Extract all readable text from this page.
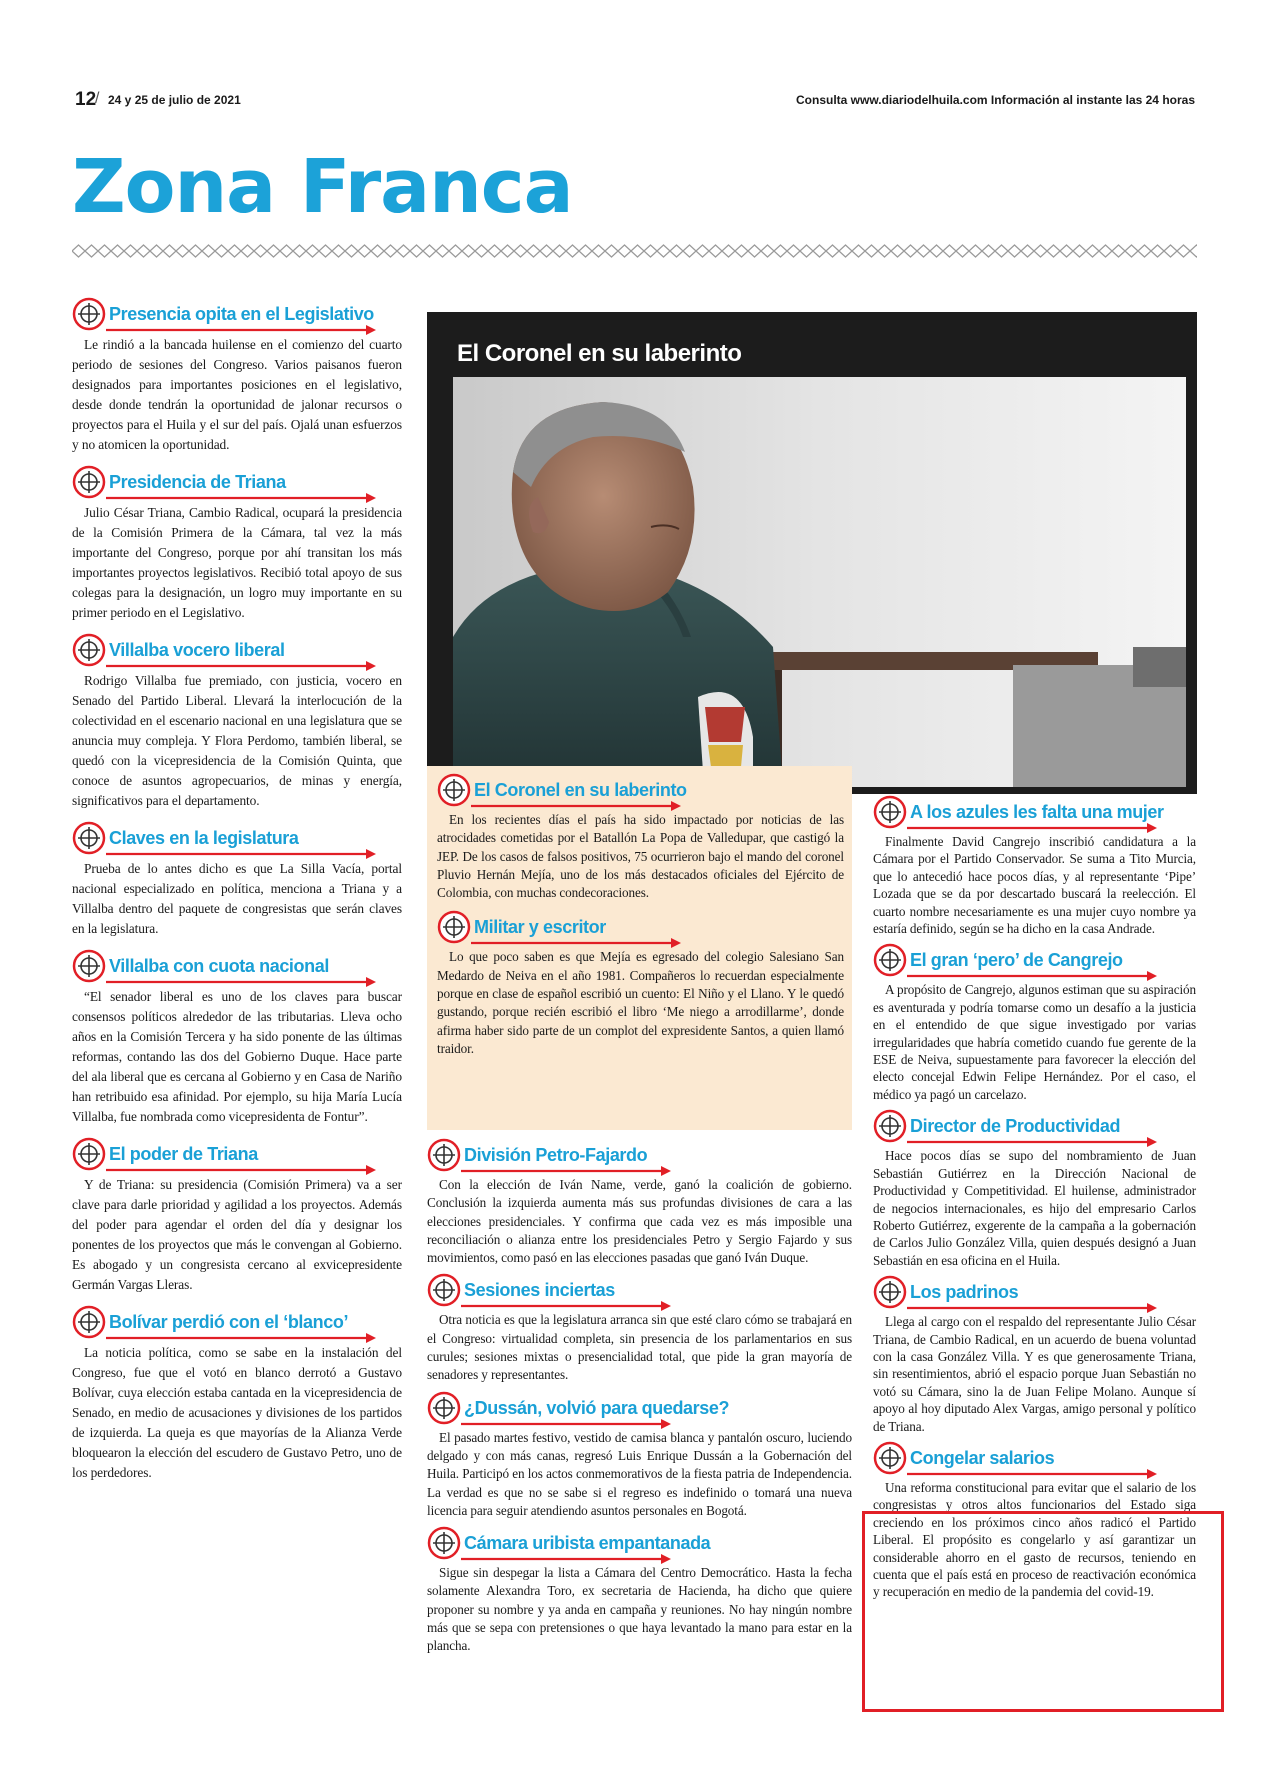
12
/ 24 y 25 de julio de 2021	Consulta www.diariodelhuila.com Información al instante las 24 horas
Zona Franca
Presencia opita en el Legislativo

Le rindió a la bancada huilense en el comienzo del cuarto periodo de sesiones del Congreso. Varios paisanos fueron designados para importantes posiciones en el legislativo, desde donde tendrán la oportunidad de jalonar recursos o proyectos para el Huila y el sur del país. Ojalá unan esfuerzos y no atomicen la oportunidad.

Presidencia de Triana

Julio César Triana, Cambio Radical, ocupará la presidencia de la Comisión Primera de la Cámara, tal vez la más importante del Congreso, porque por ahí transitan los más importantes proyectos legislativos. Recibió total apoyo de sus colegas para la designación, un logro muy importante en su primer periodo en el Legislativo.

Villalba vocero liberal

Rodrigo Villalba fue premiado, con justicia, vocero en Senado del Partido Liberal. Llevará la interlocución de la colectividad en el escenario nacional en una legislatura que se anuncia muy compleja. Y Flora Perdomo, también liberal, se quedó con la vicepresidencia de la Comisión Quinta, que conoce de asuntos agropecuarios, de minas y energía, significativos para el departamento.

Claves en la legislatura

Prueba de lo antes dicho es que La Silla Vacía, portal nacional especializado en política, menciona a Triana y a Villalba dentro del paquete de congresistas que serán claves en la legislatura.

Villalba con cuota nacional

“El senador liberal es uno de los claves para buscar consensos políticos alrededor de las tributarias. Lleva ocho años en la Comisión Tercera y ha sido ponente de las últimas reformas, contando las dos del Gobierno Duque. Hace parte del ala liberal que es cercana al Gobierno y en Casa de Nariño han retribuido esa afinidad. Por ejemplo, su hija María Lucía Villalba, fue nombrada como vicepresidenta de Fontur”.

El poder de Triana

Y de Triana: su presidencia (Comisión Primera) va a ser clave para darle prioridad y agilidad a los proyectos. Además del poder para agendar el orden del día y designar los ponentes de los proyectos que más le convengan al Gobierno. Es abogado y un congresista cercano al exvicepresidente Germán Vargas Lleras.

Bolívar perdió con el ‘blanco’

La noticia política, como se sabe en la instalación del Congreso, fue que el votó en blanco derrotó a Gustavo Bolívar, cuya elección estaba cantada en la vicepresidencia de Senado, en medio de acusaciones y divisiones de los partidos de izquierda. La queja es que mayorías de la Alianza Verde bloquearon la elección del escudero de Gustavo Petro, uno de los perdedores.

El Coronel en su laberinto
El Coronel en su laberinto

En los recientes días el país ha sido impactado por noticias de las atrocidades cometidas por el Batallón La Popa de Valledupar, que castigó la JEP. De los casos de falsos positivos, 75 ocurrieron bajo el mando del coronel Pluvio Hernán Mejía, uno de los más destacados oficiales del Ejército de Colombia, con muchas condecoraciones.

Militar y escritor

Lo que poco saben es que Mejía es egresado del colegio Salesiano San Medardo de Neiva en el año 1981. Compañeros lo recuerdan especialmente porque en clase de español escribió un cuento: El Niño y el Llano. Y le quedó gustando, porque recién escribió el libro ‘Me niego a arrodillarme’, donde afirma haber sido parte de un complot del expresidente Santos, a quien llamó traidor.

División Petro-Fajardo

Con la elección de Iván Name, verde, ganó la coalición de gobierno. Conclusión la izquierda aumenta más sus profundas divisiones de cara a las elecciones presidenciales. Y confirma que cada vez es más imposible una reconciliación o alianza entre los presidenciales Petro y Sergio Fajardo y sus movimientos, como pasó en las elecciones pasadas que ganó Iván Duque.

Sesiones inciertas

Otra noticia es que la legislatura arranca sin que esté claro cómo se trabajará en el Congreso: virtualidad completa, sin presencia de los parlamentarios en sus curules; sesiones mixtas o presencialidad total, que pide la gran mayoría de senadores y representantes.

¿Dussán, volvió para quedarse?

El pasado martes festivo, vestido de camisa blanca y pantalón oscuro, luciendo delgado y con más canas, regresó Luis Enrique Dussán a la Gobernación del Huila. Participó en los actos conmemorativos de la fiesta patria de Independencia. La verdad es que no se sabe si el regreso es indefinido o tomará una nueva licencia para seguir atendiendo asuntos personales en Bogotá.

Cámara uribista empantanada

Sigue sin despegar la lista a Cámara del Centro Democrático. Hasta la fecha solamente Alexandra Toro, ex secretaria de Hacienda, ha dicho que quiere proponer su nombre y ya anda en campaña y reuniones. No hay ningún nombre más que se sepa con pretensiones o que haya levantado la mano para estar en la plancha.

A los azules les falta una mujer

Finalmente David Cangrejo inscribió candidatura a la Cámara por el Partido Conservador. Se suma a Tito Murcia, que lo antecedió hace pocos días, y al representante ‘Pipe’ Lozada que se da por descartado buscará la reelección. El cuarto nombre necesariamente es una mujer cuyo nombre ya estaría definido, según se ha dicho en la casa Andrade.

El gran ‘pero’ de Cangrejo

A propósito de Cangrejo, algunos estiman que su aspiración es aventurada y podría tomarse como un desafío a la justicia en el entendido de que sigue investigado por varias irregularidades que habría cometido cuando fue gerente de la ESE de Neiva, supuestamente para favorecer la elección del electo concejal Edwin Felipe Hernández. Por el caso, el médico ya pagó un carcelazo.

Director de Productividad

Hace pocos días se supo del nombramiento de Juan Sebastián Gutiérrez en la Dirección Nacional de Productividad y Competitividad. El huilense, administrador de negocios internacionales, es hijo del empresario Carlos Roberto Gutiérrez, exgerente de la campaña a la gobernación de Carlos Julio González Villa, quien después designó a Juan Sebastián en esa oficina en el Huila.

Los padrinos

Llega al cargo con el respaldo del representante Julio César Triana, de Cambio Radical, en un acuerdo de buena voluntad con la casa González Villa. Y es que generosamente Triana, sin resentimientos, abrió el espacio porque Juan Sebastián no votó su Cámara, sino la de Juan Felipe Molano. Aunque sí apoyo al hoy diputado Alex Vargas, amigo personal y político de Triana.

Congelar salarios

Una reforma constitucional para evitar que el salario de los congresistas y otros altos funcionarios del Estado siga creciendo en los próximos cinco años radicó el Partido Liberal. El propósito es congelarlo y así garantizar un considerable ahorro en el gasto de recursos, teniendo en cuenta que el país está en proceso de reactivación económica y recuperación en medio de la pandemia del covid-19.
